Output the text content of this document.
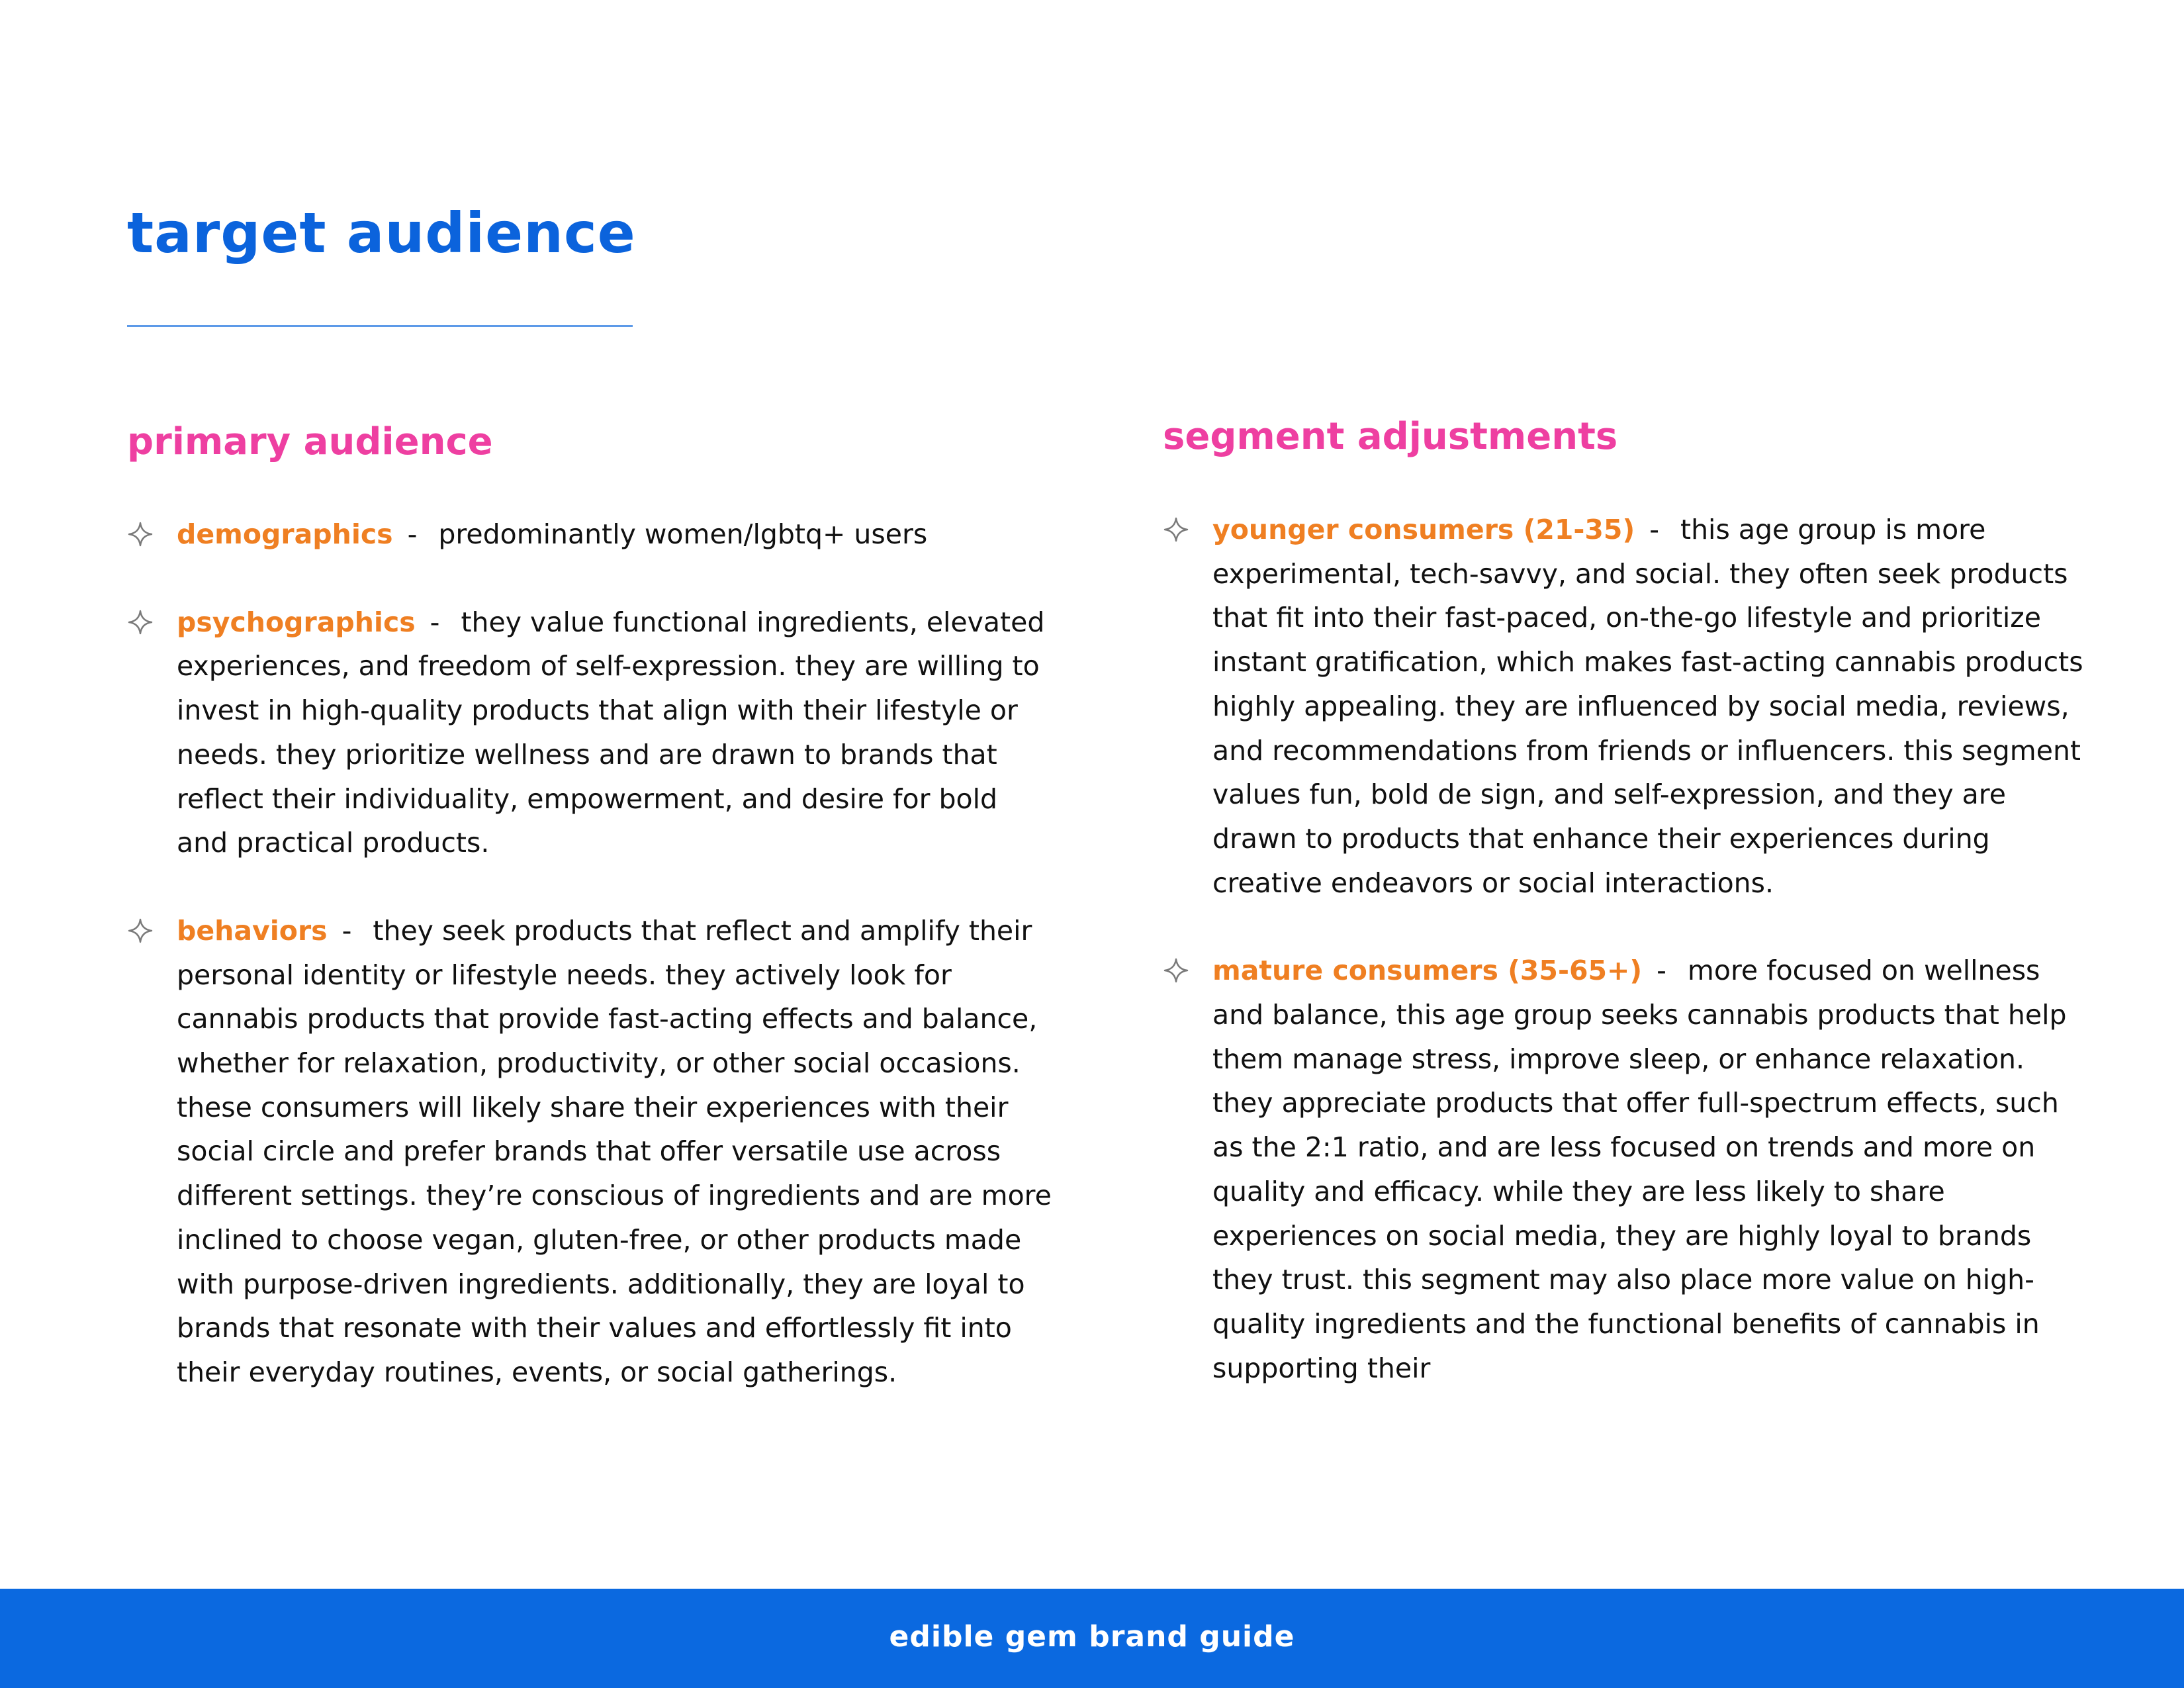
target audience
primary audience
demographics - predominantly women/lgbtq+ users
psychographics - they value functional ingredients, elevated experiences, and freedom of self-expression. they are willing to invest in high-quality products that align with their lifestyle or needs. they prioritize wellness and are drawn to brands that reflect their individuality, empowerment, and desire for bold and practical products.
behaviors - they seek products that reflect and amplify their personal identity or lifestyle needs. they actively look for cannabis products that provide fast-acting effects and balance, whether for relaxation, productivity, or other social occasions. these consumers will likely share their experiences with their social circle and prefer brands that offer versatile use across different settings. they’re conscious of ingredients and are more inclined to choose vegan, gluten-free, or other products made with purpose-driven ingredients. additionally, they are loyal to brands that resonate with their values and effortlessly fit into their everyday routines, events, or social gatherings.
segment adjustments
younger consumers (21-35) - this age group is more experimental, tech-savvy, and social. they often seek products that fit into their fast-paced, on-the-go lifestyle and prioritize instant gratification, which makes fast-acting cannabis products highly appealing. they are influenced by social media, reviews, and recommendations from friends or influencers. this segment values fun, bold de sign, and self-expression, and they are drawn to products that enhance their experiences during creative endeavors or social interactions.
mature consumers (35-65+) - more focused on wellness and balance, this age group seeks cannabis products that help them manage stress, improve sleep, or enhance relaxation. they appreciate products that offer full-spectrum effects, such as the 2:1 ratio, and are less focused on trends and more on quality and efficacy. while they are less likely to share experiences on social media, they are highly loyal to brands they trust. this segment may also place more value on high-quality ingredients and the functional benefits of cannabis in supporting their
edible gem brand guide
